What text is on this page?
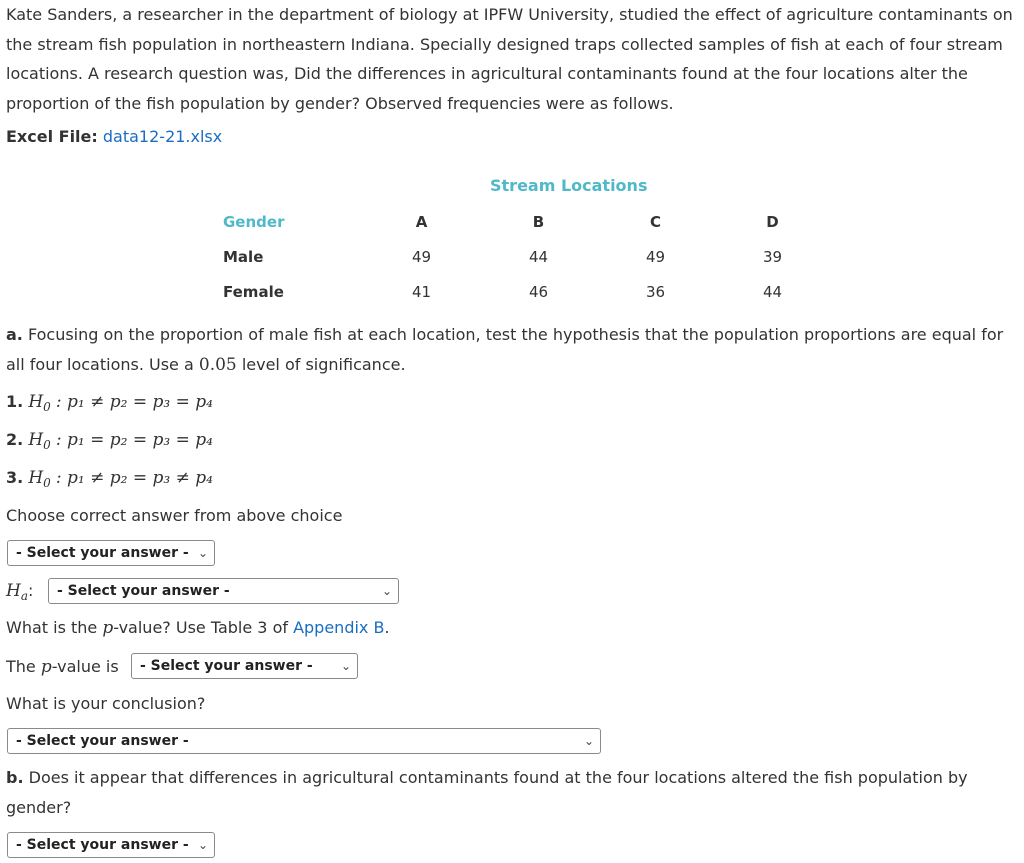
Kate Sanders, a researcher in the department of biology at IPFW University, studied the effect of agriculture contaminants on the stream fish population in northeastern Indiana. Specially designed traps collected samples of fish at each of four stream locations. A research question was, Did the differences in agricultural contaminants found at the four locations alter the proportion of the fish population by gender? Observed frequencies were as follows.
Excel File: data12-21.xlsx
Stream Locations

Gender	A	B	C	D
Male	49	44	49	39
Female	41	46	36	44
a. Focusing on the proportion of male fish at each location, test the hypothesis that the population proportions are equal for all four locations. Use a 0.05 level of significance.
1. $H_0$ : p₁ ≠ p₂ = p₃ = p₄
2. $H_0$ : p₁ = p₂ = p₃ = p₄
3. $H_0$ : p₁ ≠ p₂ = p₃ ≠ p₄
Choose correct answer from above choice
- Select your answer - ⌄
$H_a$:	- Select your answer -	⌄
What is the p-value? Use Table 3 of Appendix B.
The p-value is	- Select your answer - ⌄
What is your conclusion?
- Select your answer -	⌄
b. Does it appear that differences in agricultural contaminants found at the four locations altered the fish population by gender?
- Select your answer - ⌄
